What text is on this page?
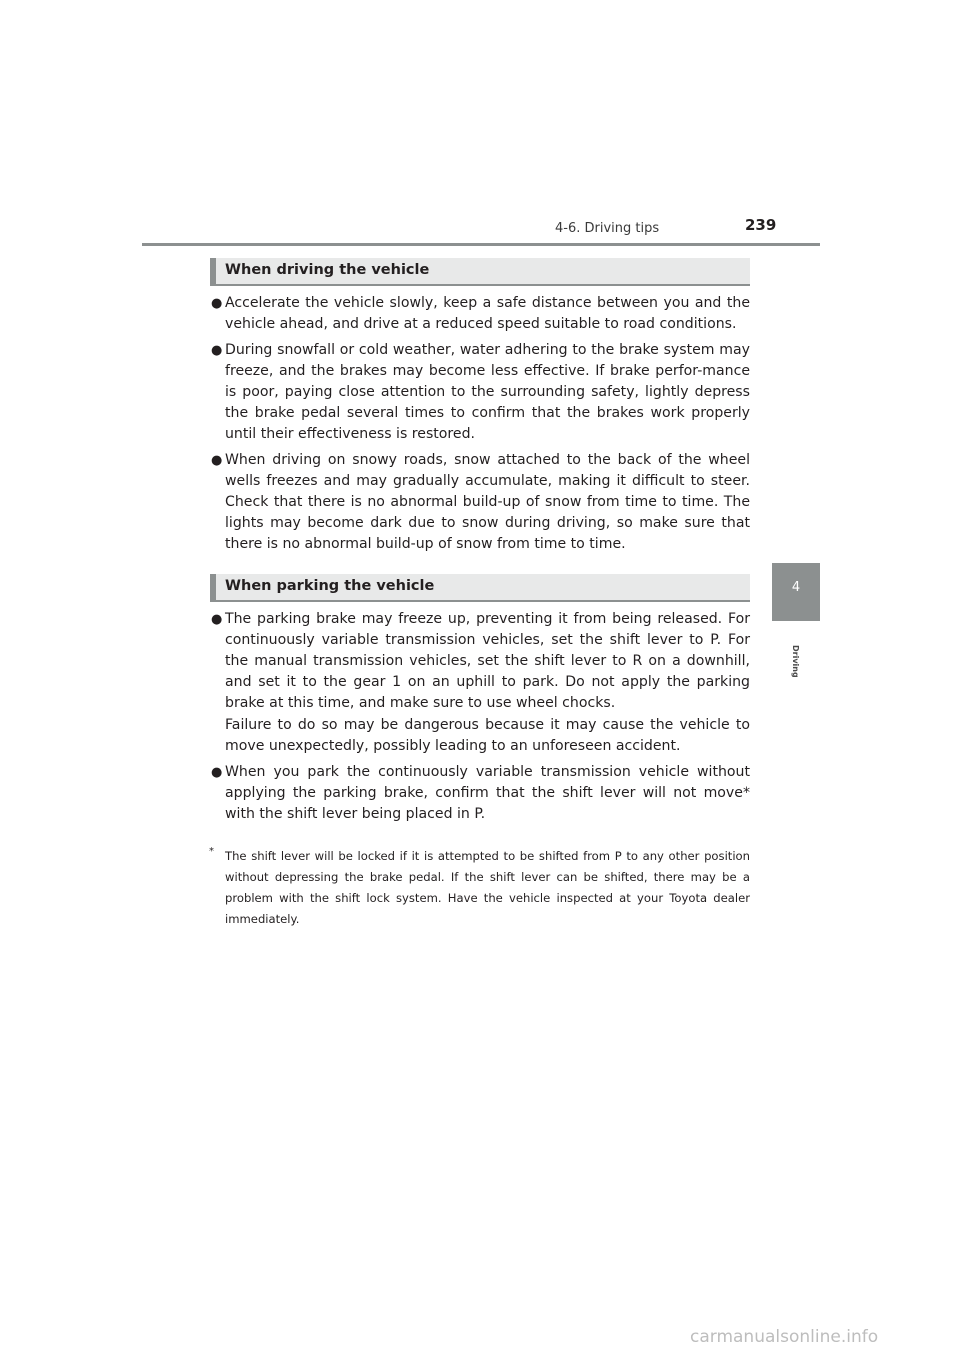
4-6. Driving tips	239
4
Driving
When driving the vehicle
● Accelerate the vehicle slowly, keep a safe distance between you and the vehicle ahead, and drive at a reduced speed suitable to road conditions.
● During snowfall or cold weather, water adhering to the brake system may freeze, and the brakes may become less effective. If brake perfor-mance is poor, paying close attention to the surrounding safety, lightly depress the brake pedal several times to confirm that the brakes work properly until their effectiveness is restored.
● When driving on snowy roads, snow attached to the back of the wheel wells freezes and may gradually accumulate, making it difficult to steer. Check that there is no abnormal build-up of snow from time to time. The lights may become dark due to snow during driving, so make sure that there is no abnormal build-up of snow from time to time.
When parking the vehicle
● The parking brake may freeze up, preventing it from being released. For continuously variable transmission vehicles, set the shift lever to P. For the manual transmission vehicles, set the shift lever to R on a downhill, and set it to the gear 1 on an uphill to park. Do not apply the parking brake at this time, and make sure to use wheel chocks.
Failure to do so may be dangerous because it may cause the vehicle to move unexpectedly, possibly leading to an unforeseen accident.
● When you park the continuously variable transmission vehicle without applying the parking brake, confirm that the shift lever will not move* with the shift lever being placed in P.
* The shift lever will be locked if it is attempted to be shifted from P to any other position without depressing the brake pedal. If the shift lever can be shifted, there may be a problem with the shift lock system. Have the vehicle inspected at your Toyota dealer immediately.
carmanualsonline.info
